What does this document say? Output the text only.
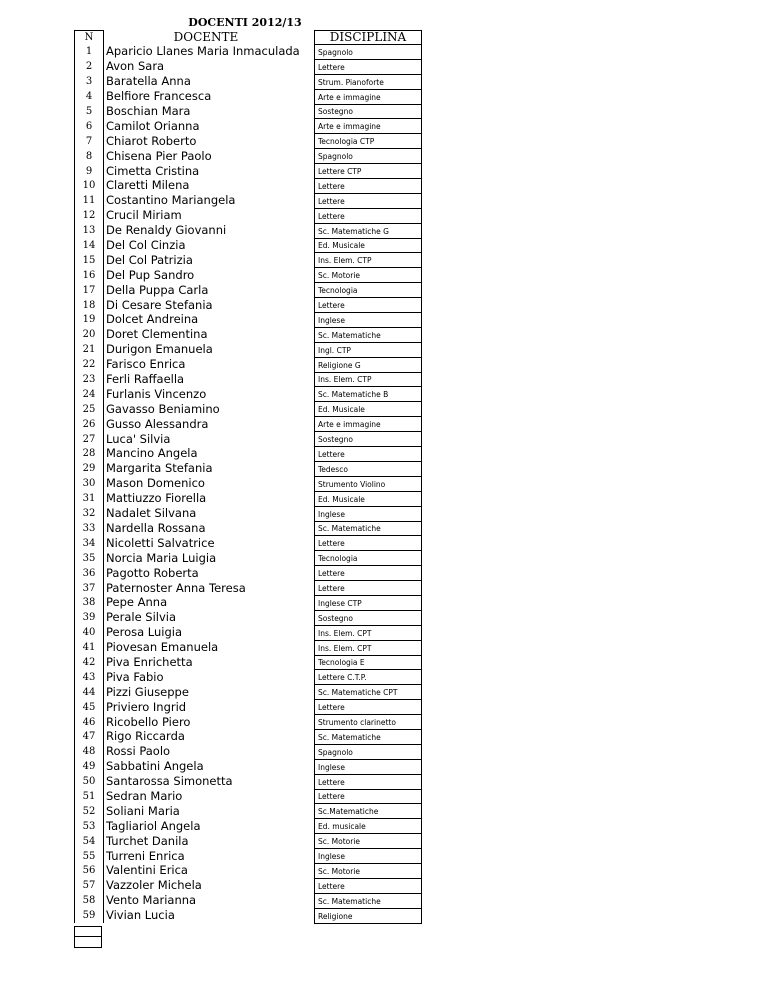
DOCENTI 2012/13
N	DOCENTE		DISCIPLINA
1	Aparicio Llanes Maria Inmaculada		Spagnolo
2	Avon Sara		Lettere
3	Baratella Anna		Strum. Pianoforte
4	Belfiore Francesca		Arte e immagine
5	Boschian Mara		Sostegno
6	Camilot Orianna		Arte e immagine
7	Chiarot Roberto		Tecnologia CTP
8	Chisena Pier Paolo		Spagnolo
9	Cimetta Cristina		Lettere CTP
10	Claretti Milena		Lettere
11	Costantino Mariangela		Lettere
12	Crucil Miriam		Lettere
13	De Renaldy Giovanni		Sc. Matematiche G
14	Del Col Cinzia		Ed. Musicale
15	Del Col Patrizia		Ins. Elem. CTP
16	Del Pup Sandro		Sc. Motorie
17	Della Puppa Carla		Tecnologia
18	Di Cesare Stefania		Lettere
19	Dolcet Andreina		Inglese
20	Doret Clementina		Sc. Matematiche
21	Durigon Emanuela		Ingl. CTP
22	Farisco Enrica		Religione G
23	Ferli Raffaella		Ins. Elem. CTP
24	Furlanis Vincenzo		Sc. Matematiche B
25	Gavasso Beniamino		Ed. Musicale
26	Gusso Alessandra		Arte e immagine
27	Luca' Silvia		Sostegno
28	Mancino Angela		Lettere
29	Margarita Stefania		Tedesco
30	Mason Domenico		Strumento Violino
31	Mattiuzzo Fiorella		Ed. Musicale
32	Nadalet Silvana		Inglese
33	Nardella Rossana		Sc. Matematiche
34	Nicoletti Salvatrice		Lettere
35	Norcia Maria Luigia		Tecnologia
36	Pagotto Roberta		Lettere
37	Paternoster Anna Teresa		Lettere
38	Pepe Anna		Inglese CTP
39	Perale Silvia		Sostegno
40	Perosa Luigia		Ins. Elem. CPT
41	Piovesan Emanuela		Ins. Elem. CPT
42	Piva Enrichetta		Tecnologia E
43	Piva Fabio		Lettere C.T.P.
44	Pizzi Giuseppe		Sc. Matematiche CPT
45	Priviero Ingrid		Lettere
46	Ricobello Piero		Strumento clarinetto
47	Rigo Riccarda		Sc. Matematiche
48	Rossi Paolo		Spagnolo
49	Sabbatini Angela		Inglese
50	Santarossa Simonetta		Lettere
51	Sedran Mario		Lettere
52	Soliani Maria		Sc.Matematiche
53	Tagliariol Angela		Ed. musicale
54	Turchet Danila		Sc. Motorie
55	Turreni Enrica		Inglese
56	Valentini Erica		Sc. Motorie
57	Vazzoler Michela		Lettere
58	Vento Marianna		Sc. Matematiche
59	Vivian Lucia		Religione
